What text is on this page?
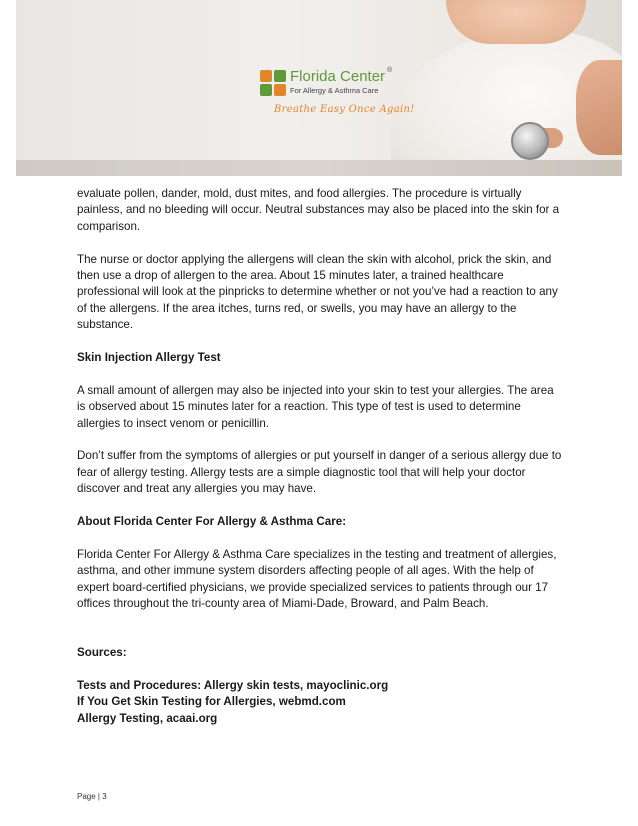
Florida Center ®
For Allergy & Asthma Care
Breathe Easy Once Again!

evaluate pollen, dander, mold, dust mites, and food allergies. The procedure is virtually painless, and no bleeding will occur. Neutral substances may also be placed into the skin for a comparison.

The nurse or doctor applying the allergens will clean the skin with alcohol, prick the skin, and then use a drop of allergen to the area. About 15 minutes later, a trained healthcare professional will look at the pinpricks to determine whether or not you’ve had a reaction to any of the allergens. If the area itches, turns red, or swells, you may have an allergy to the substance.

Skin Injection Allergy Test

A small amount of allergen may also be injected into your skin to test your allergies. The area is observed about 15 minutes later for a reaction. This type of test is used to determine allergies to insect venom or penicillin.

Don’t suffer from the symptoms of allergies or put yourself in danger of a serious allergy due to fear of allergy testing. Allergy tests are a simple diagnostic tool that will help your doctor discover and treat any allergies you may have.

About Florida Center For Allergy & Asthma Care:

Florida Center For Allergy & Asthma Care specializes in the testing and treatment of allergies, asthma, and other immune system disorders affecting people of all ages. With the help of expert board-certified physicians, we provide specialized services to patients through our 17 offices throughout the tri-county area of Miami-Dade, Broward, and Palm Beach.

Sources:

Tests and Procedures: Allergy skin tests, mayoclinic.org

If You Get Skin Testing for Allergies, webmd.com

Allergy Testing, acaai.org

Page | 3
